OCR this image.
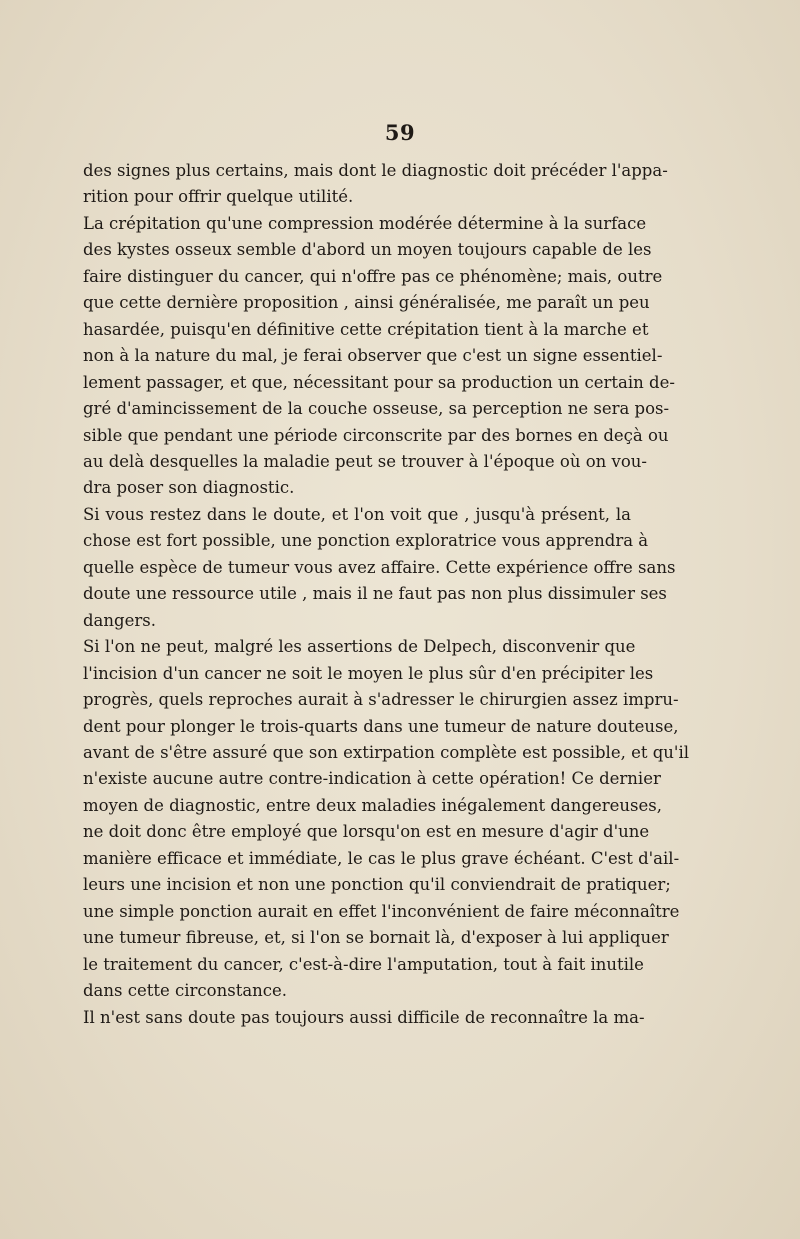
59
des signes plus certains, mais dont le diagnostic doit précéder l'appa-
rition pour offrir quelque utilité.
La crépitation qu'une compression modérée détermine à la surface
des kystes osseux semble d'abord un moyen toujours capable de les
faire distinguer du cancer, qui n'offre pas ce phénomène; mais, outre
que cette dernière proposition , ainsi généralisée, me paraît un peu
hasardée, puisqu'en définitive cette crépitation tient à la marche et
non à la nature du mal, je ferai observer que c'est un signe essentiel-
lement passager, et que, nécessitant pour sa production un certain de-
gré d'amincissement de la couche osseuse, sa perception ne sera pos-
sible que pendant une période circonscrite par des bornes en deçà ou
au delà desquelles la maladie peut se trouver à l'époque où on vou-
dra poser son diagnostic.
Si vous restez dans le doute, et l'on voit que , jusqu'à présent, la
chose est fort possible, une ponction exploratrice vous apprendra à
quelle espèce de tumeur vous avez affaire. Cette expérience offre sans
doute une ressource utile , mais il ne faut pas non plus dissimuler ses
dangers.
Si l'on ne peut, malgré les assertions de Delpech, disconvenir que
l'incision d'un cancer ne soit le moyen le plus sûr d'en précipiter les
progrès, quels reproches aurait à s'adresser le chirurgien assez impru-
dent pour plonger le trois-quarts dans une tumeur de nature douteuse,
avant de s'être assuré que son extirpation complète est possible, et qu'il
n'existe aucune autre contre-indication à cette opération! Ce dernier
moyen de diagnostic, entre deux maladies inégalement dangereuses,
ne doit donc être employé que lorsqu'on est en mesure d'agir d'une
manière efficace et immédiate, le cas le plus grave échéant. C'est d'ail-
leurs une incision et non une ponction qu'il conviendrait de pratiquer;
une simple ponction aurait en effet l'inconvénient de faire méconnaître
une tumeur fibreuse, et, si l'on se bornait là, d'exposer à lui appliquer
le traitement du cancer, c'est-à-dire l'amputation, tout à fait inutile
dans cette circonstance.
Il n'est sans doute pas toujours aussi difficile de reconnaître la ma-
